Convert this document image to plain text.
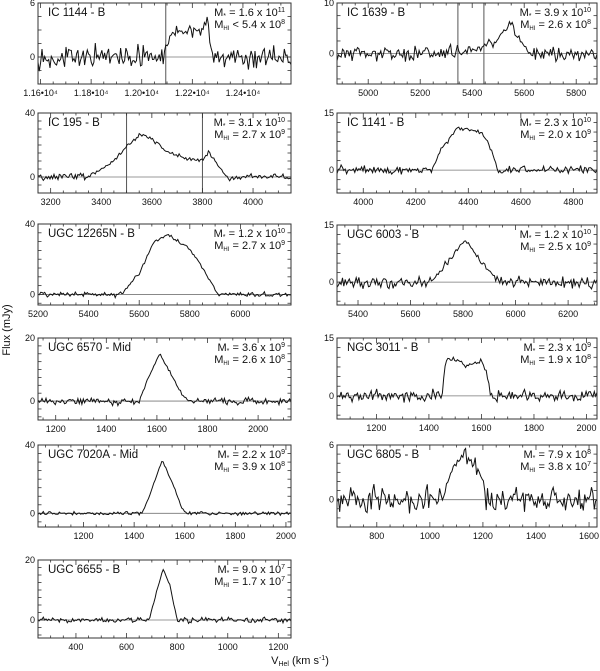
1.16•10⁴ 1.18•10⁴ 1.20•10⁴ 1.22•10⁴ 1.24•10⁴
0
6
IC 1144 - B	M* = 1.6 x $10^{11}$
MHI < 5.4 x $10^8$
3200	3400	3600	3800	4000
0
40
IC 195 - B	M* = 3.1 x $10^{10}$
MHI = 2.7 x $10^9$
5200	5400	5600	5800	6000
0
40
UGC 12265N - B	M* = 1.2 x $10^{10}$
MHI = 2.7 x $10^9$
1200	1400	1600	1800	2000
0
20
UGC 6570 - Mid	M* = 3.6 x $10^9$
MHI = 2.6 x $10^8$
1200	1400	1600	1800	2000
0
40
UGC 7020A - Mid	M* = 2.2 x $10^9$
MHI = 3.9 x $10^8$
400	600	800	1000	1200
0
20
UGC 6655 - B	M* = 9.0 x $10^7$
MHI = 1.7 x $10^7$
5000	5200	5400	5600	5800
0
10
IC 1639 - B	M* = 3.9 x $10^{10}$
MHI = 2.6 x $10^8$
4000	4200	4400	4600	4800
0
15
IC 1141 - B	M* = 2.3 x $10^{10}$
MHI = 2.0 x $10^9$
5400	5600	5800	6000	6200
0
15
UGC 6003 - B	M* = 1.2 x $10^{10}$
MHI = 2.5 x $10^9$
1200	1400	1600	1800	2000
0
15
NGC 3011 - B	M* = 2.3 x $10^9$
MHI = 1.9 x $10^8$
800	1000	1200	1400	1600
0
6
UGC 6805 - B	M* = 7.9 x $10^8$
MHI = 3.8 x $10^7$
Flux (mJy)
VHel (km $s^{-1}$)
